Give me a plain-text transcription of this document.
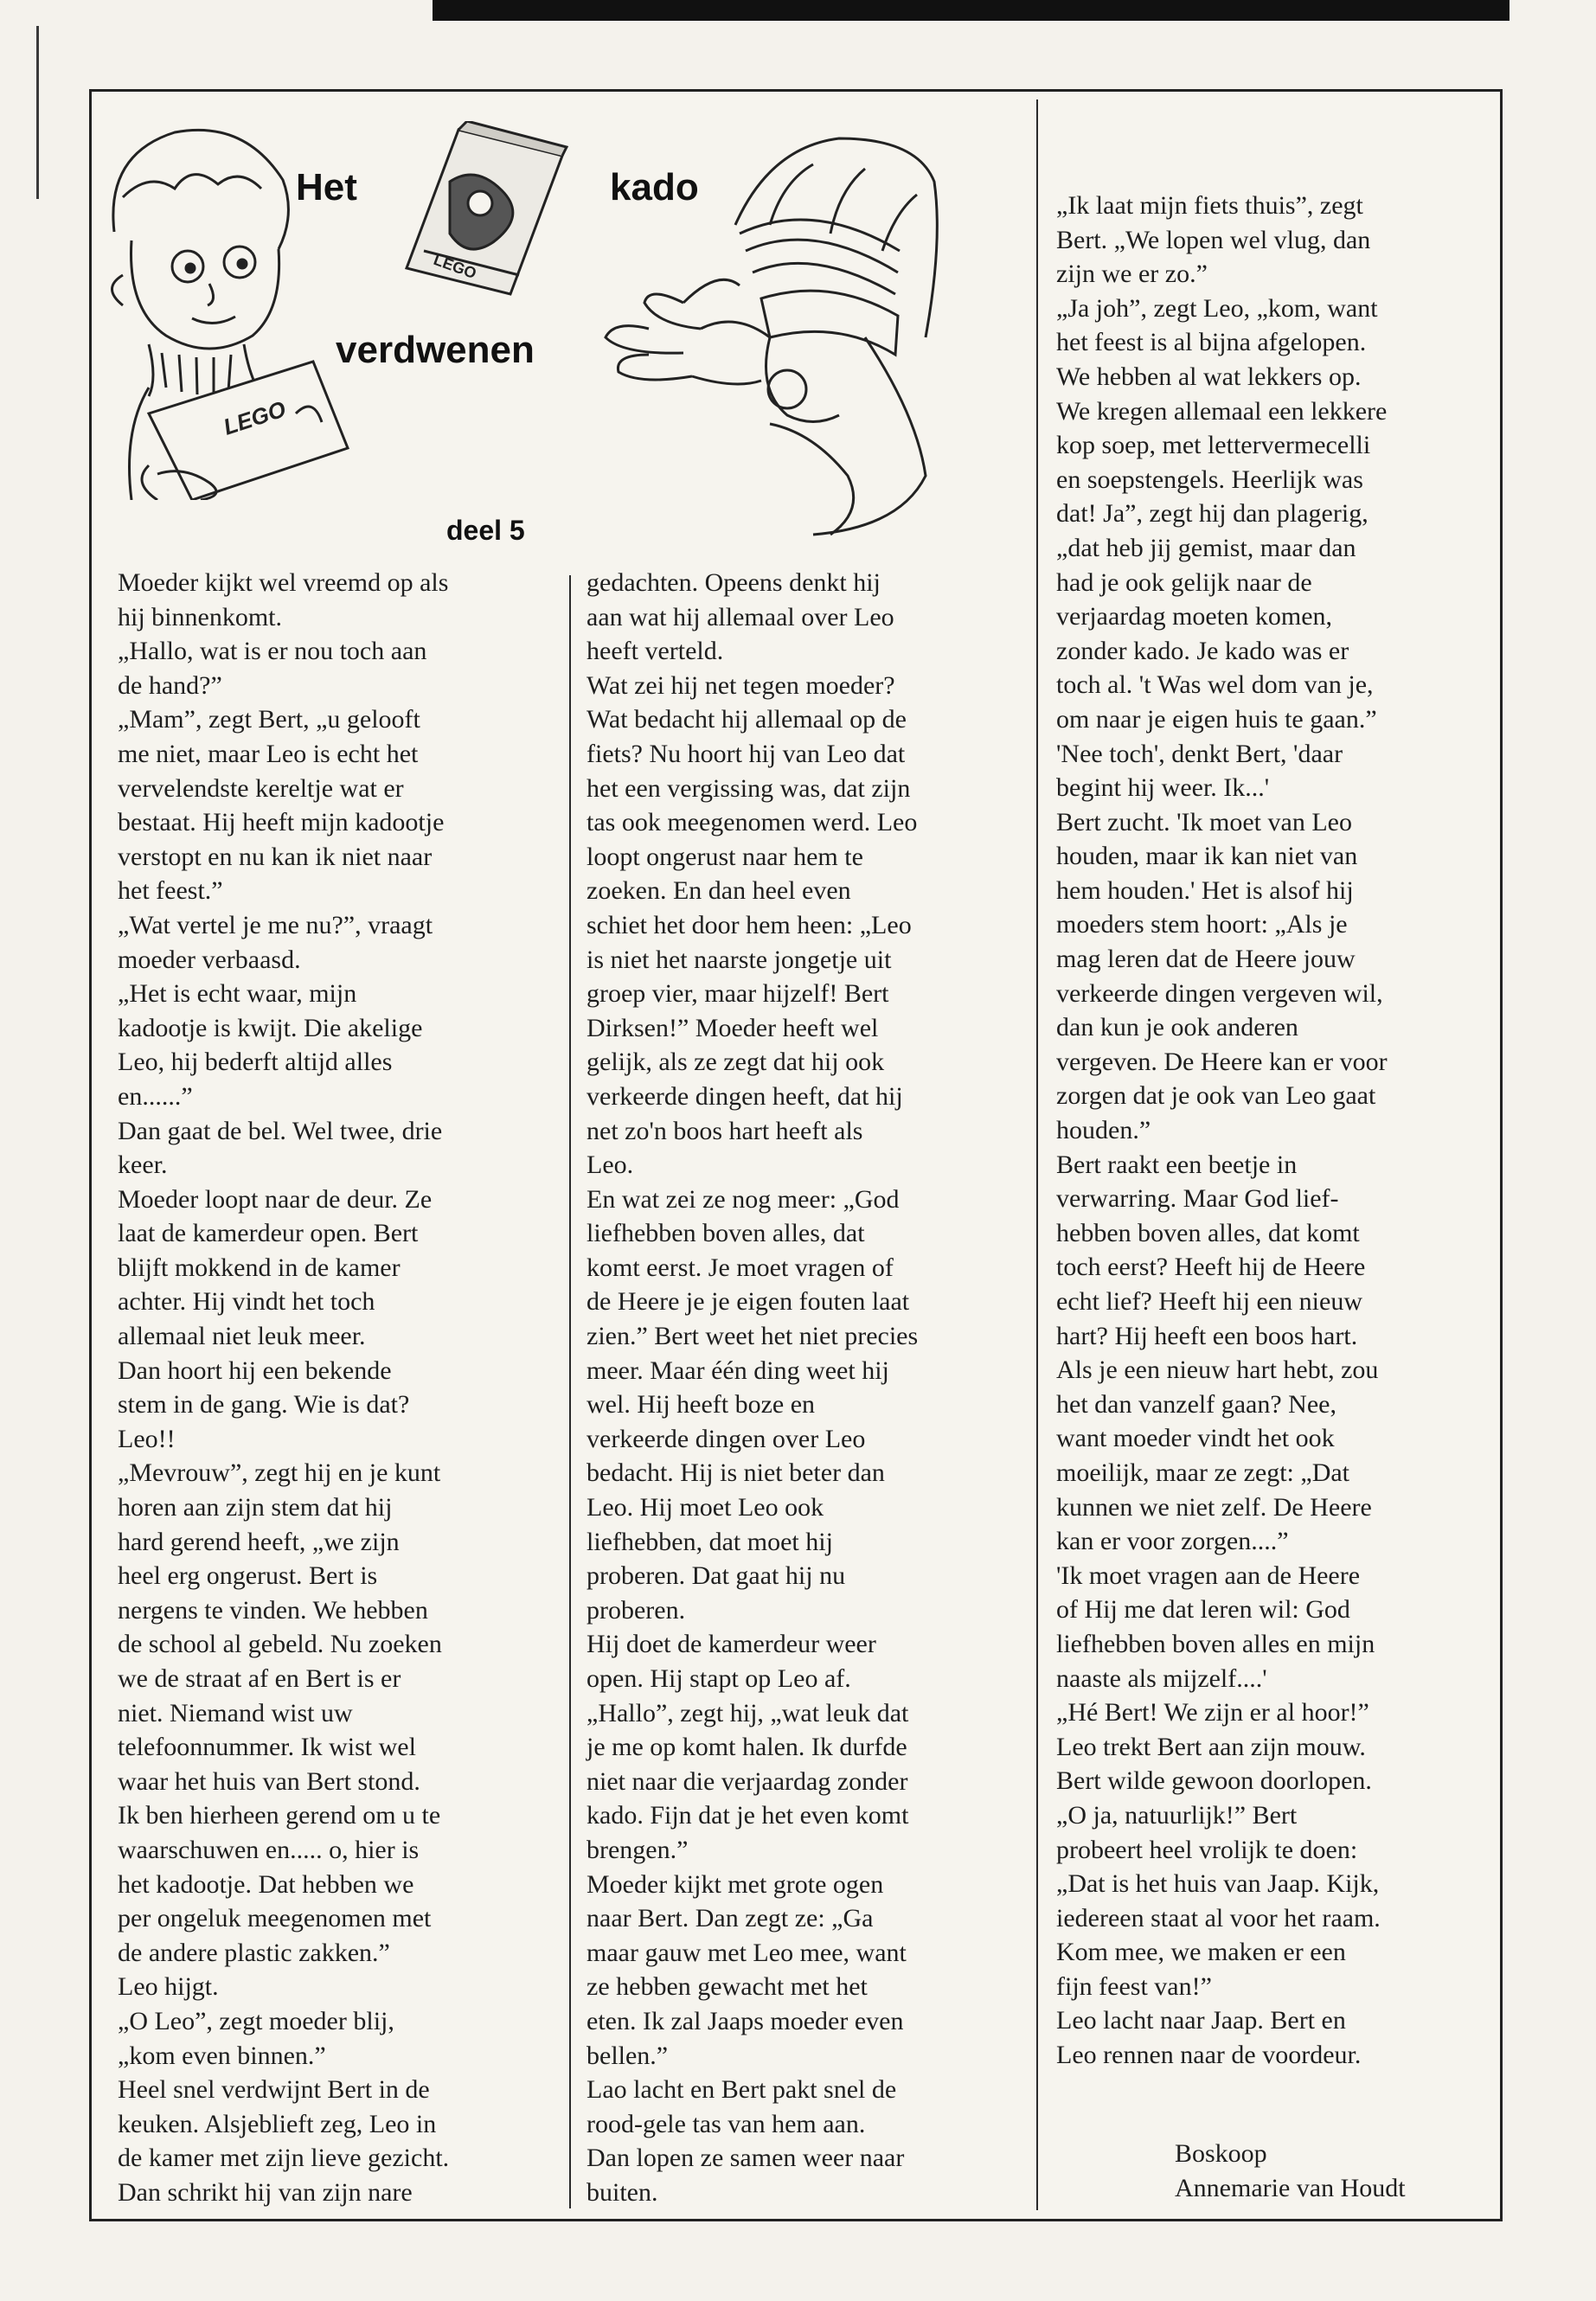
LEGO
LEGO
Het	kado
verdwenen
deel 5

Moeder kijkt wel vreemd op als

hij binnenkomt.

„Hallo, wat is er nou toch aan

de hand?”

„Mam”, zegt Bert, „u gelooft

me niet, maar Leo is echt het

vervelendste kereltje wat er

bestaat. Hij heeft mijn kadootje

verstopt en nu kan ik niet naar

het feest.”

„Wat vertel je me nu?”, vraagt

moeder verbaasd.

„Het is echt waar, mijn

kadootje is kwijt. Die akelige

Leo, hij bederft altijd alles

en......”

Dan gaat de bel. Wel twee, drie

keer.

Moeder loopt naar de deur. Ze

laat de kamerdeur open. Bert

blijft mokkend in de kamer

achter. Hij vindt het toch

allemaal niet leuk meer.

Dan hoort hij een bekende

stem in de gang. Wie is dat?

Leo!!

„Mevrouw”, zegt hij en je kunt

horen aan zijn stem dat hij

hard gerend heeft, „we zijn

heel erg ongerust. Bert is

nergens te vinden. We hebben

de school al gebeld. Nu zoeken

we de straat af en Bert is er

niet. Niemand wist uw

telefoonnummer. Ik wist wel

waar het huis van Bert stond.

Ik ben hierheen gerend om u te

waarschuwen en..... o, hier is

het kadootje. Dat hebben we

per ongeluk meegenomen met

de andere plastic zakken.”

Leo hijgt.

„O Leo”, zegt moeder blij,

„kom even binnen.”

Heel snel verdwijnt Bert in de

keuken. Alsjeblieft zeg, Leo in

de kamer met zijn lieve gezicht.

Dan schrikt hij van zijn nare

gedachten. Opeens denkt hij

aan wat hij allemaal over Leo

heeft verteld.

Wat zei hij net tegen moeder?

Wat bedacht hij allemaal op de

fiets? Nu hoort hij van Leo dat

het een vergissing was, dat zijn

tas ook meegenomen werd. Leo

loopt ongerust naar hem te

zoeken. En dan heel even

schiet het door hem heen: „Leo

is niet het naarste jongetje uit

groep vier, maar hijzelf! Bert

Dirksen!” Moeder heeft wel

gelijk, als ze zegt dat hij ook

verkeerde dingen heeft, dat hij

net zo'n boos hart heeft als

Leo.

En wat zei ze nog meer: „God

liefhebben boven alles, dat

komt eerst. Je moet vragen of

de Heere je je eigen fouten laat

zien.” Bert weet het niet precies

meer. Maar één ding weet hij

wel. Hij heeft boze en

verkeerde dingen over Leo

bedacht. Hij is niet beter dan

Leo. Hij moet Leo ook

liefhebben, dat moet hij

proberen. Dat gaat hij nu

proberen.

Hij doet de kamerdeur weer

open. Hij stapt op Leo af.

„Hallo”, zegt hij, „wat leuk dat

je me op komt halen. Ik durfde

niet naar die verjaardag zonder

kado. Fijn dat je het even komt

brengen.”

Moeder kijkt met grote ogen

naar Bert. Dan zegt ze: „Ga

maar gauw met Leo mee, want

ze hebben gewacht met het

eten. Ik zal Jaaps moeder even

bellen.”

Lao lacht en Bert pakt snel de

rood-gele tas van hem aan.

Dan lopen ze samen weer naar

buiten.

„Ik laat mijn fiets thuis”, zegt

Bert. „We lopen wel vlug, dan

zijn we er zo.”

„Ja joh”, zegt Leo, „kom, want

het feest is al bijna afgelopen.

We hebben al wat lekkers op.

We kregen allemaal een lekkere

kop soep, met lettervermecelli

en soepstengels. Heerlijk was

dat! Ja”, zegt hij dan plagerig,

„dat heb jij gemist, maar dan

had je ook gelijk naar de

verjaardag moeten komen,

zonder kado. Je kado was er

toch al. 't Was wel dom van je,

om naar je eigen huis te gaan.”

'Nee toch', denkt Bert, 'daar

begint hij weer. Ik...'

Bert zucht. 'Ik moet van Leo

houden, maar ik kan niet van

hem houden.' Het is alsof hij

moeders stem hoort: „Als je

mag leren dat de Heere jouw

verkeerde dingen vergeven wil,

dan kun je ook anderen

vergeven. De Heere kan er voor

zorgen dat je ook van Leo gaat

houden.”

Bert raakt een beetje in

verwarring. Maar God lief-

hebben boven alles, dat komt

toch eerst? Heeft hij de Heere

echt lief? Heeft hij een nieuw

hart? Hij heeft een boos hart.

Als je een nieuw hart hebt, zou

het dan vanzelf gaan? Nee,

want moeder vindt het ook

moeilijk, maar ze zegt: „Dat

kunnen we niet zelf. De Heere

kan er voor zorgen....”

'Ik moet vragen aan de Heere

of Hij me dat leren wil: God

liefhebben boven alles en mijn

naaste als mijzelf....'

„Hé Bert! We zijn er al hoor!”

Leo trekt Bert aan zijn mouw.

Bert wilde gewoon doorlopen.

„O ja, natuurlijk!” Bert

probeert heel vrolijk te doen:

„Dat is het huis van Jaap. Kijk,

iedereen staat al voor het raam.

Kom mee, we maken er een

fijn feest van!”

Leo lacht naar Jaap. Bert en

Leo rennen naar de voordeur.

Boskoop
Annemarie van Houdt
